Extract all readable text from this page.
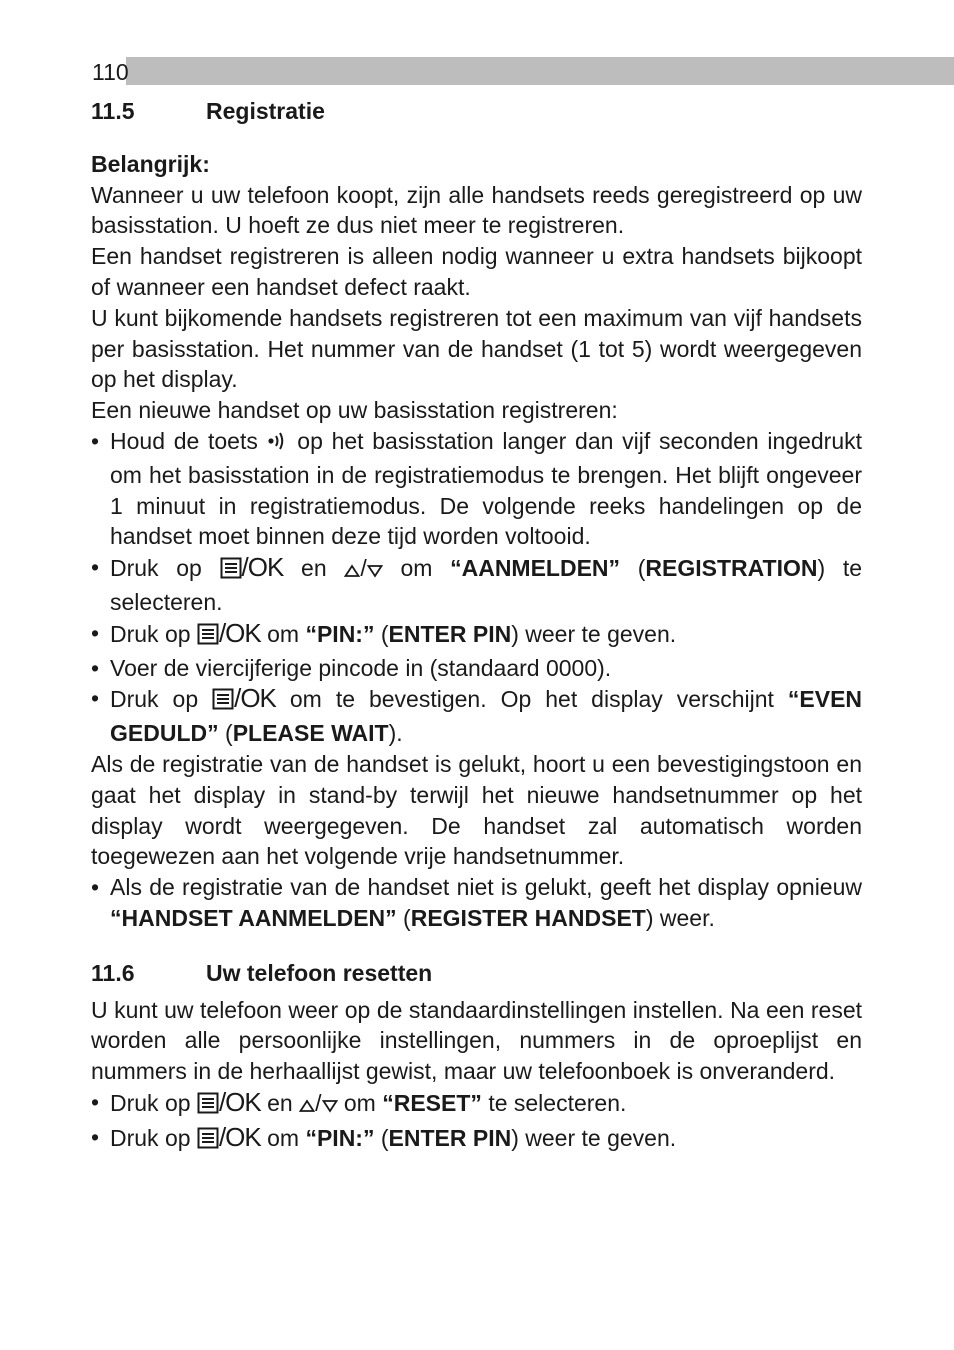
110
11.5	Registratie

Belangrijk:

Wanneer u uw telefoon koopt, zijn alle handsets reeds geregistreerd op uw basisstation. U hoeft ze dus niet meer te registreren.

Een handset registreren is alleen nodig wanneer u extra handsets bijkoopt of wanneer een handset defect raakt.

U kunt bijkomende handsets registreren tot een maximum van vijf handsets per basisstation. Het nummer van de handset (1 tot 5) wordt weergegeven op het display.

Een nieuwe handset op uw basisstation registreren:

• Houd de toets op het basisstation langer dan vijf seconden ingedrukt om het basisstation in de registratiemodus te brengen. Het blijft ongeveer 1 minuut in registratiemodus. De volgende reeks handelingen op de handset moet binnen deze tijd worden voltooid.

• Druk op /OK en / om “AANMELDEN” (REGISTRATION) te selecteren.

• Druk op /OK om “PIN:” (ENTER PIN) weer te geven.

• Voer de viercijferige pincode in (standaard 0000).

• Druk op /OK om te bevestigen. Op het display verschijnt “EVEN GEDULD” (PLEASE WAIT).

Als de registratie van de handset is gelukt, hoort u een bevestigingstoon en gaat het display in stand-by terwijl het nieuwe handsetnummer op het display wordt weergegeven. De handset zal automatisch worden toegewezen aan het volgende vrije handsetnummer.

• Als de registratie van de handset niet is gelukt, geeft het display opnieuw “HANDSET AANMELDEN” (REGISTER HANDSET) weer.

11.6	Uw telefoon resetten

U kunt uw telefoon weer op de standaardinstellingen instellen. Na een reset worden alle persoonlijke instellingen, nummers in de oproeplijst en nummers in de herhaallijst gewist, maar uw telefoonboek is onveranderd.

• Druk op /OK en / om “RESET” te selecteren.

• Druk op /OK om “PIN:” (ENTER PIN) weer te geven.
